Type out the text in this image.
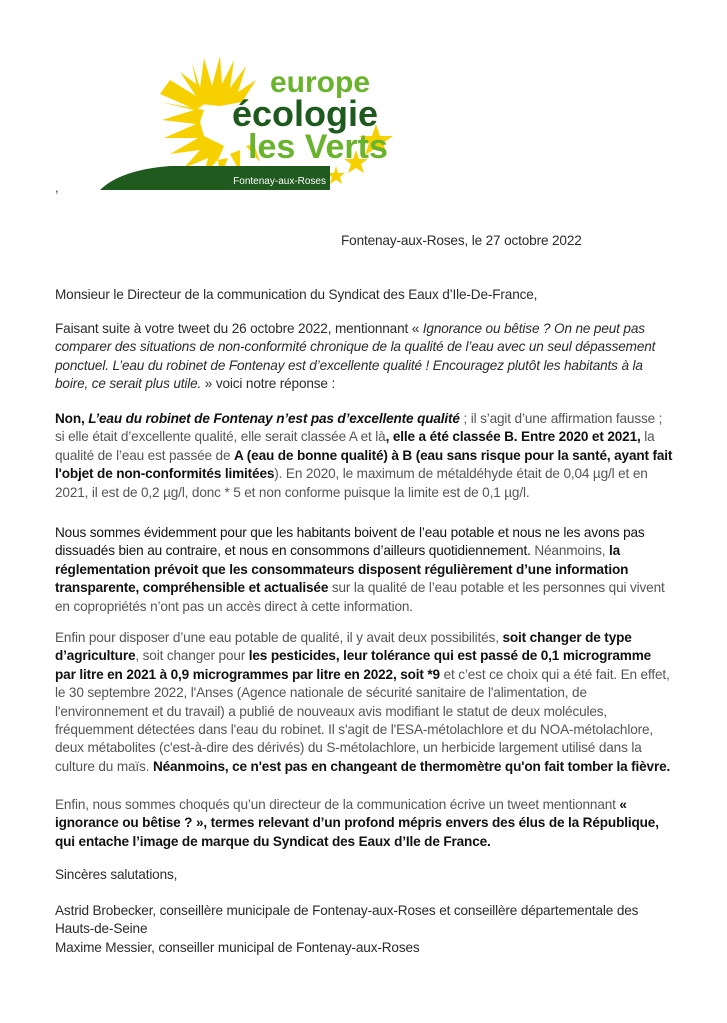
europe
écologie
les Verts
Fontenay-aux-Roses
,
Fontenay-aux-Roses, le 27 octobre 2022
Monsieur le Directeur de la communication du Syndicat des Eaux d’Ile-De-France,
Faisant suite à votre tweet du 26 octobre 2022, mentionnant « Ignorance ou bêtise ? On ne peut pas comparer des situations de non-conformité chronique de la qualité de l’eau avec un seul dépassement ponctuel. L’eau du robinet de Fontenay est d’excellente qualité ! Encouragez plutôt les habitants à la boire, ce serait plus utile. » voici notre réponse :
Non, L’eau du robinet de Fontenay n’est pas d’excellente qualité ; il s’agit d’une affirmation fausse ; si elle était d’excellente qualité, elle serait classée A et là, elle a été classée B. Entre 2020 et 2021, la qualité de l’eau est passée de A (eau de bonne qualité) à B (eau sans risque pour la santé, ayant fait l'objet de non-conformités limitées). En 2020, le maximum de métaldéhyde était de 0,04 µg/l et en 2021, il est de 0,2 µg/l, donc * 5 et non conforme puisque la limite est de 0,1 µg/l.
Nous sommes évidemment pour que les habitants boivent de l’eau potable et nous ne les avons pas dissuadés bien au contraire, et nous en consommons d’ailleurs quotidiennement. Néanmoins, la réglementation prévoit que les consommateurs disposent régulièrement d’une information transparente, compréhensible et actualisée sur la qualité de l’eau potable et les personnes qui vivent en copropriétés n’ont pas un accès direct à cette information.
Enfin pour disposer d’une eau potable de qualité, il y avait deux possibilités, soit changer de type d’agriculture, soit changer pour les pesticides, leur tolérance qui est passé de 0,1 microgramme par litre en 2021 à 0,9 microgrammes par litre en 2022, soit *9 et c’est ce choix qui a été fait. En effet, le 30 septembre 2022, l'Anses (Agence nationale de sécurité sanitaire de l'alimentation, de l'environnement et du travail) a publié de nouveaux avis modifiant le statut de deux molécules, fréquemment détectées dans l'eau du robinet. Il s'agit de l'ESA-métolachlore et du NOA-métolachlore, deux métabolites (c'est-à-dire des dérivés) du S-métolachlore, un herbicide largement utilisé dans la culture du maïs. Néanmoins, ce n'est pas en changeant de thermomètre qu'on fait tomber la fièvre.
Enfin, nous sommes choqués qu’un directeur de la communication écrive un tweet mentionnant « ignorance ou bêtise ? », termes relevant d’un profond mépris envers des élus de la République, qui entache l’image de marque du Syndicat des Eaux d’Ile de France.
Sincères salutations,
Astrid Brobecker, conseillère municipale de Fontenay-aux-Roses et conseillère départementale des Hauts-de-Seine
Maxime Messier, conseiller municipal de Fontenay-aux-Roses
